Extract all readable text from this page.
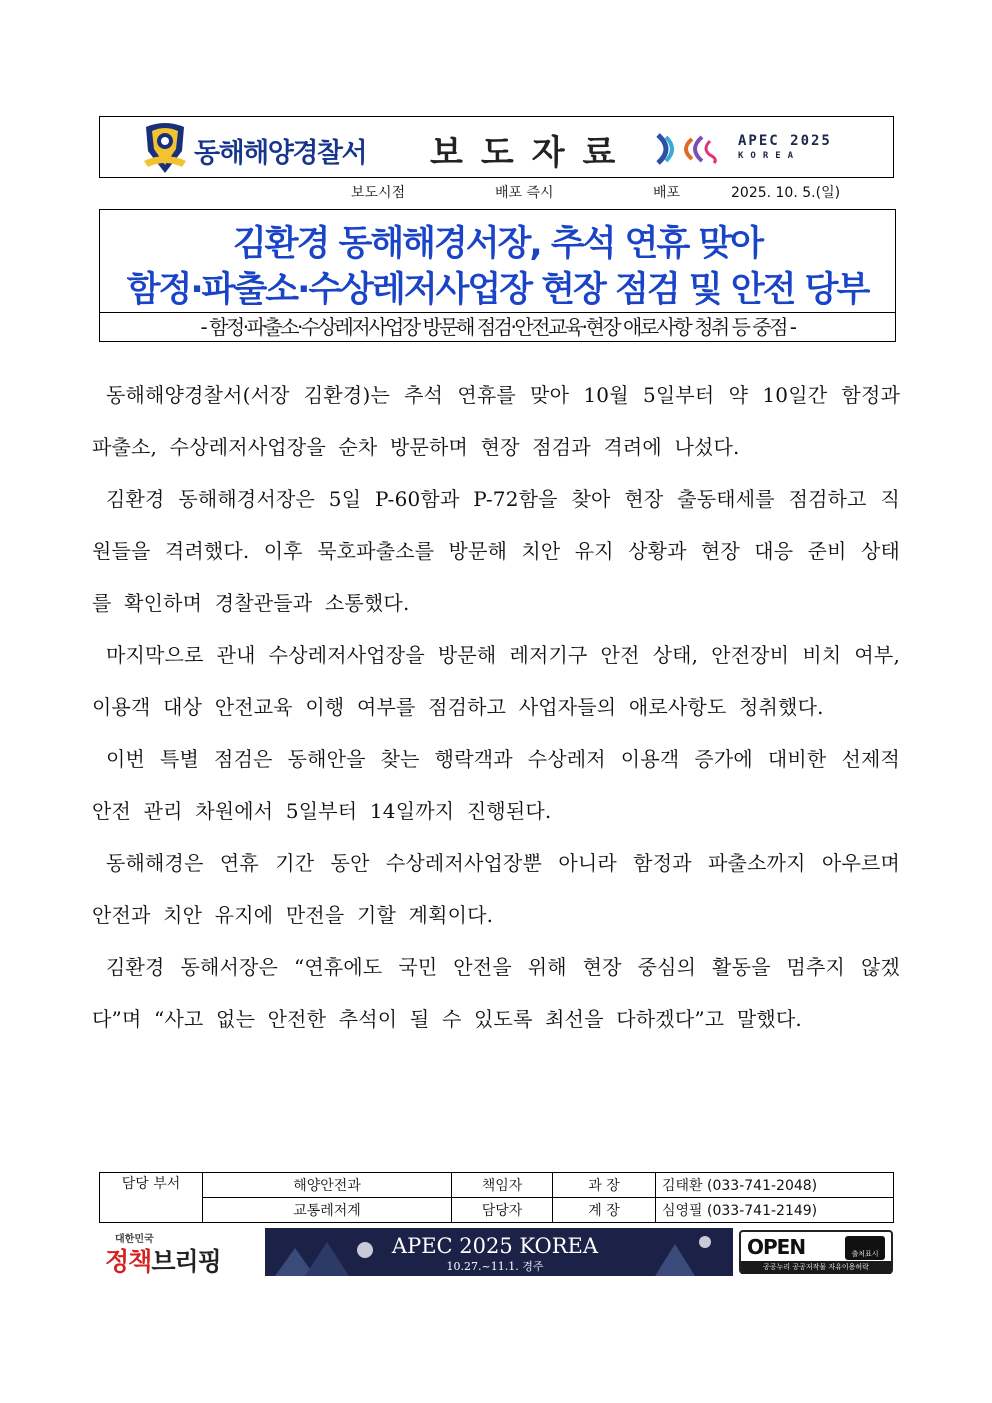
동해해양경찰서 보도자료	APEC 2025
KOREA
보도시점	배포 즉시	배포	2025. 10. 5.(일)
김환경 동해해경서장, 추석 연휴 맞아
함정·파출소·수상레저사업장 현장 점검 및 안전 당부
- 함정·파출소·수상레저사업장 방문해 점검·안전교육·현장 애로사항 청취 등 중점 -

동해해양경찰서(서장 김환경)는 추석 연휴를 맞아 10월 5일부터 약 10일간 함정과 파출소, 수상레저사업장을 순차 방문하며 현장 점검과 격려에 나섰다.

김환경 동해해경서장은 5일 P-60함과 P-72함을 찾아 현장 출동태세를 점검하고 직원들을 격려했다. 이후 묵호파출소를 방문해 치안 유지 상황과 현장 대응 준비 상태를 확인하며 경찰관들과 소통했다.

마지막으로 관내 수상레저사업장을 방문해 레저기구 안전 상태, 안전장비 비치 여부, 이용객 대상 안전교육 이행 여부를 점검하고 사업자들의 애로사항도 청취했다.

이번 특별 점검은 동해안을 찾는 행락객과 수상레저 이용객 증가에 대비한 선제적 안전 관리 차원에서 5일부터 14일까지 진행된다.

동해해경은 연휴 기간 동안 수상레저사업장뿐 아니라 함정과 파출소까지 아우르며 안전과 치안 유지에 만전을 기할 계획이다.

김환경 동해서장은 “연휴에도 국민 안전을 위해 현장 중심의 활동을 멈추지 않겠다”며 “사고 없는 안전한 추석이 될 수 있도록 최선을 다하겠다”고 말했다.

담당 부서	해양안전과	책임자	과 장	김태환 (033-741-2048)
	교통레저계	담당자	계 장	심영필 (033-741-2149)
대한민국
정책브리핑
APEC 2025 KOREA
10.27.~11.1. 경주
OPEN	출처표시
공공누리 공공저작물 자유이용허락
